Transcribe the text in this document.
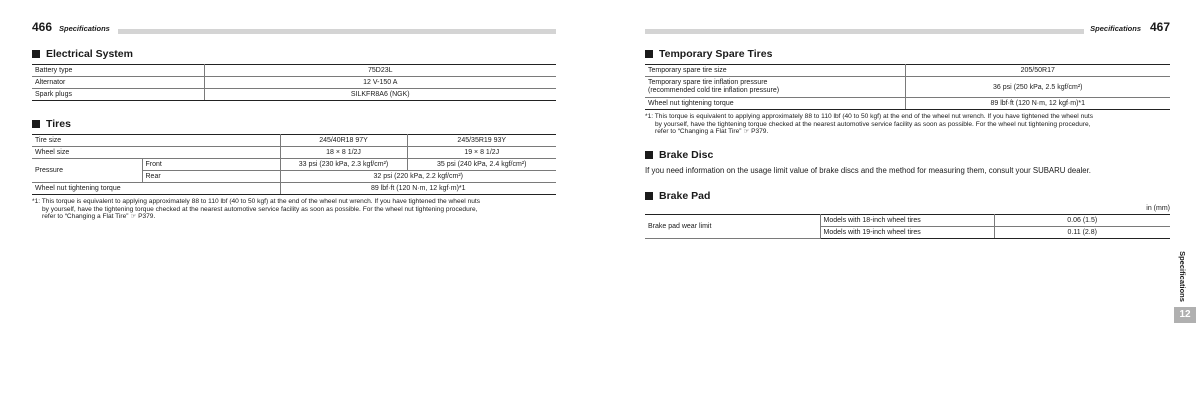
466 Specifications
Electrical System
Battery type	75D23L
Alternator	12 V-150 A
Spark plugs	SILKFR8A6 (NGK)
Tires
Tire size		245/40R18 97Y	245/35R19 93Y
Wheel size		18 × 8 1/2J	19 × 8 1/2J
Pressure	Front	33 psi (230 kPa, 2.3 kgf/cm²)	35 psi (240 kPa, 2.4 kgf/cm²)
	Rear	32 psi (220 kPa, 2.2 kgf/cm²)	
Wheel nut tightening torque		89 lbf·ft (120 N·m, 12 kgf·m)*1	
*1: This torque is equivalent to applying approximately 88 to 110 lbf (40 to 50 kgf) at the end of the wheel nut wrench. If you have tightened the wheel nuts
by yourself, have the tightening torque checked at the nearest automotive service facility as soon as possible. For the wheel nut tightening procedure,
refer to “Changing a Flat Tire” ☞ P379.
Specifications 467
Temporary Spare Tires
Temporary spare tire size	205/50R17
Temporary spare tire inflation pressure
(recommended cold tire inflation pressure)	36 psi (250 kPa, 2.5 kgf/cm²)
Wheel nut tightening torque	89 lbf·ft (120 N·m, 12 kgf·m)*1
*1: This torque is equivalent to applying approximately 88 to 110 lbf (40 to 50 kgf) at the end of the wheel nut wrench. If you have tightened the wheel nuts
by yourself, have the tightening torque checked at the nearest automotive service facility as soon as possible. For the wheel nut tightening procedure,
refer to “Changing a Flat Tire” ☞ P379.
Brake Disc
If you need information on the usage limit value of brake discs and the method for measuring them, consult your SUBARU dealer.
Brake Pad
in (mm)
Brake pad wear limit	Models with 18-inch wheel tires	0.06 (1.5)
	Models with 19-inch wheel tires	0.11 (2.8)
Specifications
12
